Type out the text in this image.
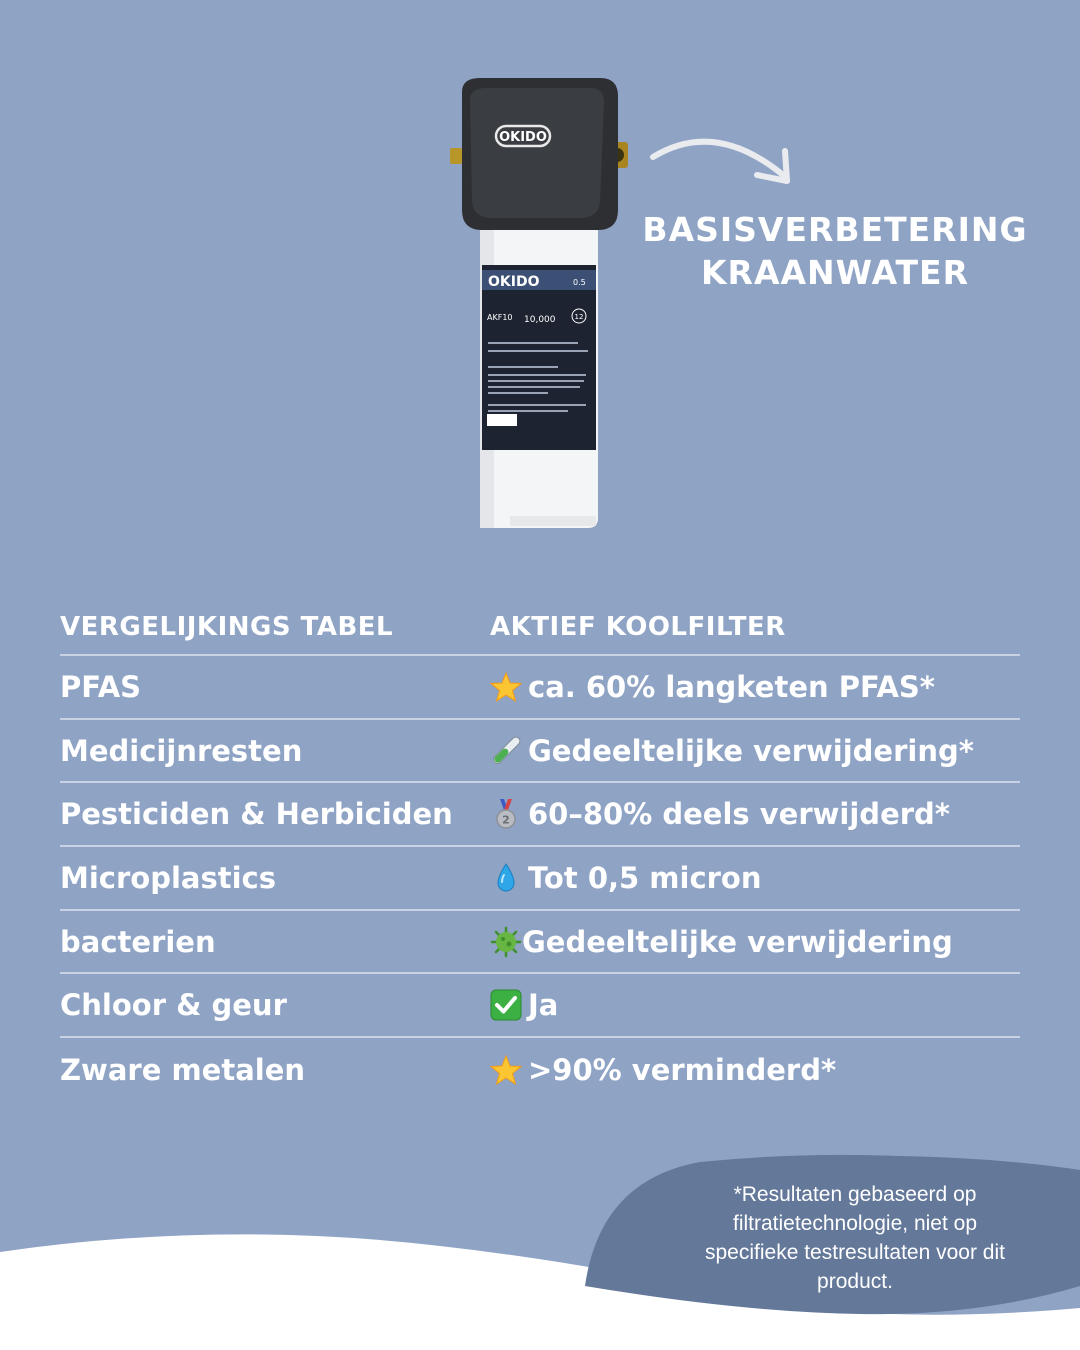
OKIDO
OKIDO	0.5
AKF10 10,000	12
BASISVERBETERING
KRAANWATER
VERGELIJKINGS TABEL	AKTIEF KOOLFILTER
PFAS	ca. 60% langketen PFAS*
Medicijnresten	Gedeeltelijke verwijdering*
Pesticiden & Herbiciden	2 60–80% deels verwijderd*
Microplastics	Tot 0,5 micron
bacterien	Gedeeltelijke verwijdering
Chloor & geur	Ja
Zware metalen	>90% verminderd*
*Resultaten gebaseerd op filtratietechnologie, niet op specifieke testresultaten voor dit product.
